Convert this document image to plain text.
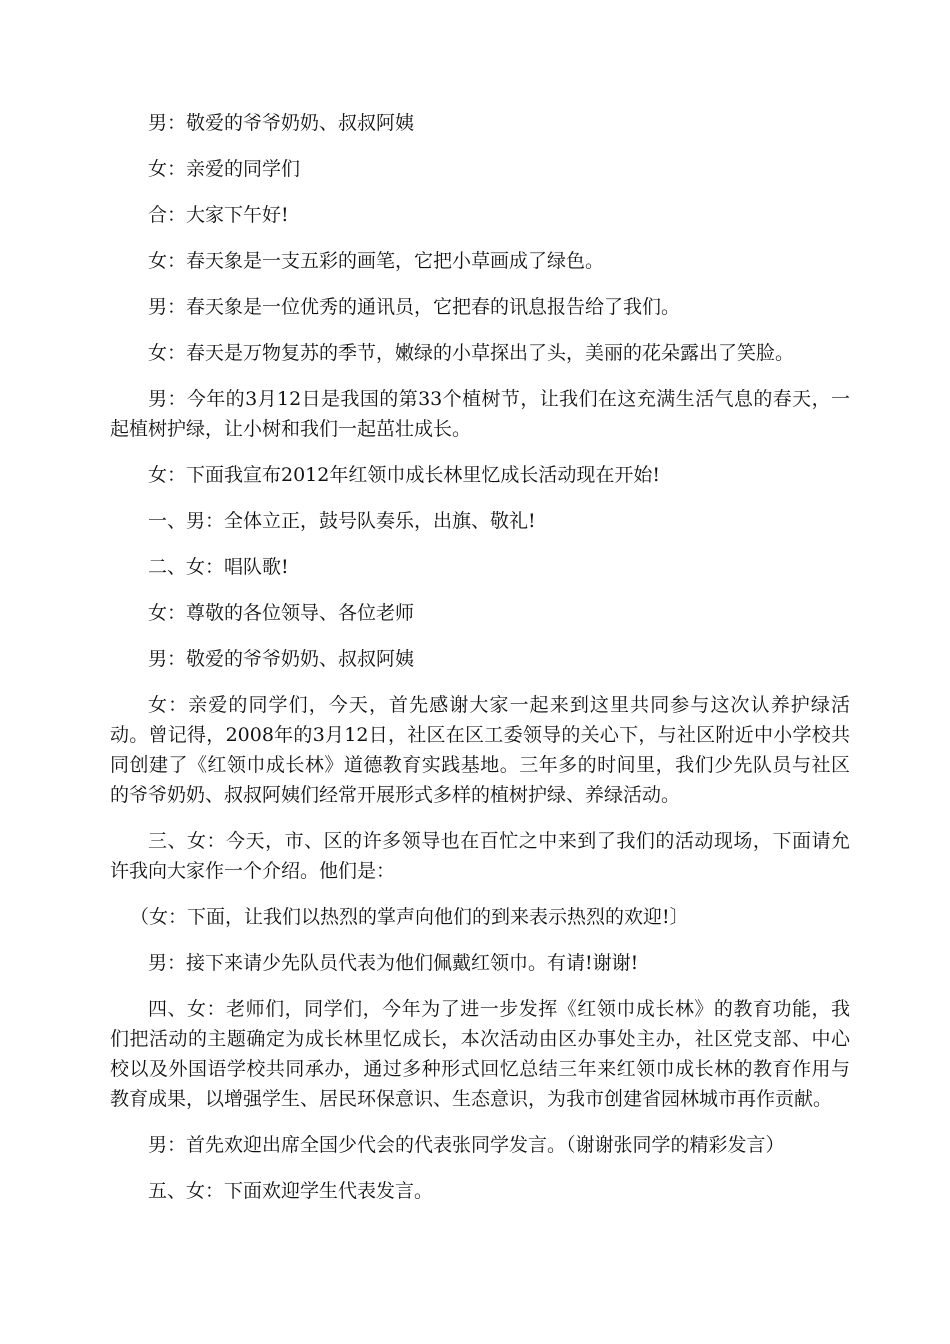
男：敬爱的爷爷奶奶、叔叔阿姨

女：亲爱的同学们

合：大家下午好!

女：春天象是一支五彩的画笔，它把小草画成了绿色。

男：春天象是一位优秀的通讯员，它把春的讯息报告给了我们。

女：春天是万物复苏的季节，嫩绿的小草探出了头，美丽的花朵露出了笑脸。

男：今年的3月12日是我国的第33个植树节，让我们在这充满生活气息的春天，一起植树护绿，让小树和我们一起茁壮成长。

女：下面我宣布2012年红领巾成长林里忆成长活动现在开始!

一、男：全体立正，鼓号队奏乐，出旗、敬礼!

二、女：唱队歌!

女：尊敬的各位领导、各位老师

男：敬爱的爷爷奶奶、叔叔阿姨

女：亲爱的同学们，今天，首先感谢大家一起来到这里共同参与这次认养护绿活动。曾记得，2008年的3月12日，社区在区工委领导的关心下，与社区附近中小学校共同创建了《红领巾成长林》道德教育实践基地。三年多的时间里，我们少先队员与社区的爷爷奶奶、叔叔阿姨们经常开展形式多样的植树护绿、养绿活动。

三、女：今天，市、区的许多领导也在百忙之中来到了我们的活动现场，下面请允许我向大家作一个介绍。他们是：

（女：下面，让我们以热烈的掌声向他们的到来表示热烈的欢迎!〕

男：接下来请少先队员代表为他们佩戴红领巾。有请!谢谢!

四、女：老师们，同学们，今年为了进一步发挥《红领巾成长林》的教育功能，我们把活动的主题确定为成长林里忆成长，本次活动由区办事处主办，社区党支部、中心校以及外国语学校共同承办，通过多种形式回忆总结三年来红领巾成长林的教育作用与教育成果，以增强学生、居民环保意识、生态意识，为我市创建省园林城市再作贡献。

男：首先欢迎出席全国少代会的代表张同学发言。（谢谢张同学的精彩发言）

五、女：下面欢迎学生代表发言。
